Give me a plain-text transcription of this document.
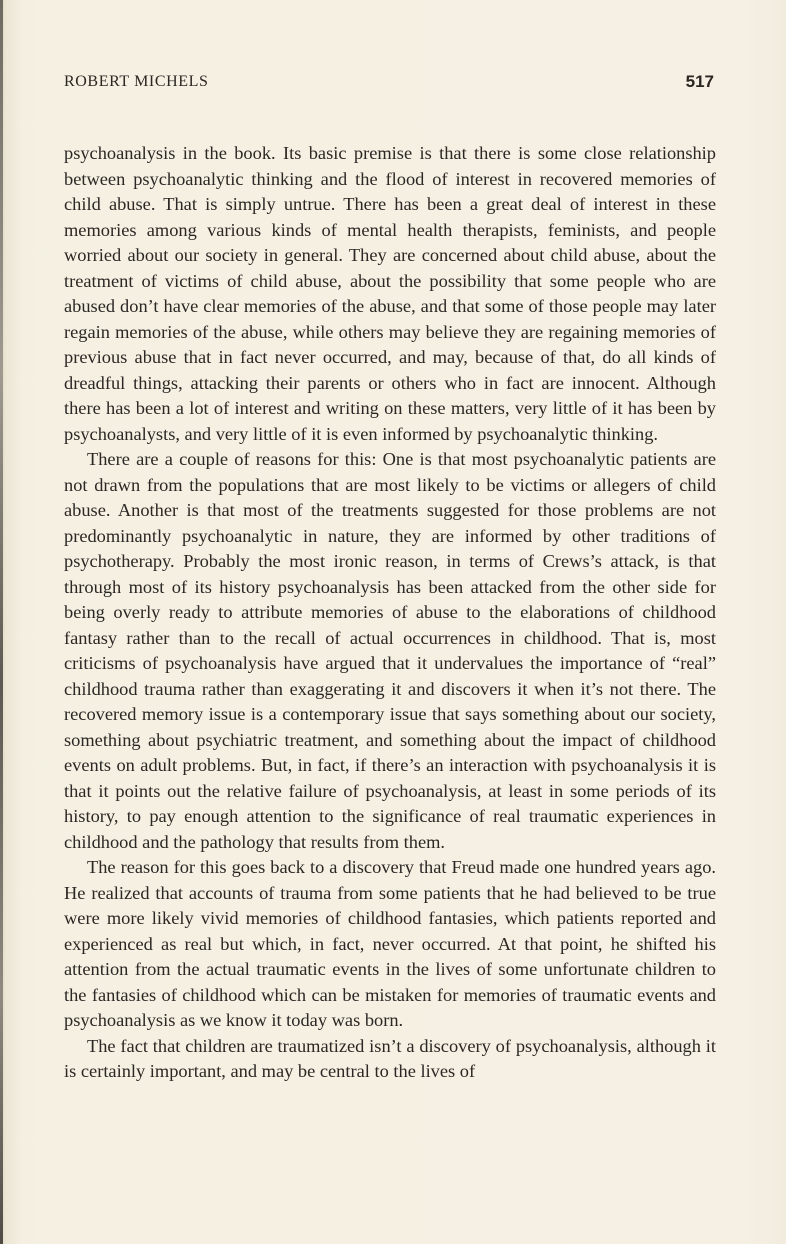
ROBERT MICHELS	517

psychoanalysis in the book. Its basic premise is that there is some close relationship between psychoanalytic thinking and the flood of interest in recovered memories of child abuse. That is simply untrue. There has been a great deal of interest in these memories among various kinds of mental health therapists, feminists, and people worried about our society in general. They are concerned about child abuse, about the treatment of victims of child abuse, about the possibility that some people who are abused don’t have clear memories of the abuse, and that some of those people may later regain memories of the abuse, while others may believe they are regaining memories of previous abuse that in fact never occurred, and may, because of that, do all kinds of dreadful things, attacking their parents or others who in fact are innocent. Although there has been a lot of interest and writing on these matters, very little of it has been by psychoanalysts, and very little of it is even informed by psychoanalytic thinking.

There are a couple of reasons for this: One is that most psychoanalytic patients are not drawn from the populations that are most likely to be victims or allegers of child abuse. Another is that most of the treatments suggested for those problems are not predominantly psychoanalytic in nature, they are informed by other traditions of psychotherapy. Probably the most ironic reason, in terms of Crews’s attack, is that through most of its history psychoanalysis has been attacked from the other side for being overly ready to attribute memories of abuse to the elaborations of childhood fantasy rather than to the recall of actual occurrences in childhood. That is, most criticisms of psychoanalysis have argued that it undervalues the importance of “real” childhood trauma rather than exaggerating it and discovers it when it’s not there. The recovered memory issue is a contemporary issue that says something about our society, something about psychiatric treatment, and something about the impact of childhood events on adult problems. But, in fact, if there’s an interaction with psychoanalysis it is that it points out the relative failure of psychoanalysis, at least in some periods of its history, to pay enough attention to the significance of real traumatic experiences in childhood and the pathology that results from them.

The reason for this goes back to a discovery that Freud made one hundred years ago. He realized that accounts of trauma from some patients that he had believed to be true were more likely vivid memories of childhood fantasies, which patients reported and experienced as real but which, in fact, never occurred. At that point, he shifted his attention from the actual traumatic events in the lives of some unfortunate children to the fantasies of childhood which can be mistaken for memories of traumatic events and psychoanalysis as we know it today was born.

The fact that children are traumatized isn’t a discovery of psychoanalysis, although it is certainly important, and may be central to the lives of
